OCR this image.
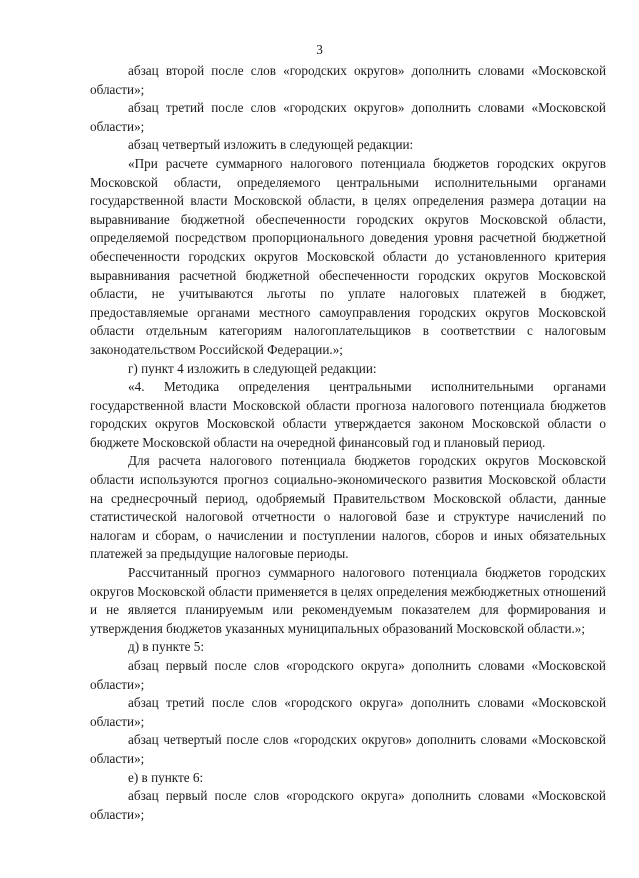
3

абзац второй после слов «городских округов» дополнить словами «Московской области»;

абзац третий после слов «городских округов» дополнить словами «Московской области»;

абзац четвертый изложить в следующей редакции:

«При расчете суммарного налогового потенциала бюджетов городских округов Московской области, определяемого центральными исполнительными органами государственной власти Московской области, в целях определения размера дотации на выравнивание бюджетной обеспеченности городских округов Московской области, определяемой посредством пропорционального доведения уровня расчетной бюджетной обеспеченности городских округов Московской области до установленного критерия выравнивания расчетной бюджетной обеспеченности городских округов Московской области, не учитываются льготы по уплате налоговых платежей в бюджет, предоставляемые органами местного самоуправления городских округов Московской области отдельным категориям налогоплательщиков в соответствии с налоговым законодательством Российской Федерации.»;

г) пункт 4 изложить в следующей редакции:

«4. Методика определения центральными исполнительными органами государственной власти Московской области прогноза налогового потенциала бюджетов городских округов Московской области утверждается законом Московской области о бюджете Московской области на очередной финансовый год и плановый период.

Для расчета налогового потенциала бюджетов городских округов Московской области используются прогноз социально-экономического развития Московской области на среднесрочный период, одобряемый Правительством Московской области, данные статистической налоговой отчетности о налоговой базе и структуре начислений по налогам и сборам, о начислении и поступлении налогов, сборов и иных обязательных платежей за предыдущие налоговые периоды.

Рассчитанный прогноз суммарного налогового потенциала бюджетов городских округов Московской области применяется в целях определения межбюджетных отношений и не является планируемым или рекомендуемым показателем для формирования и утверждения бюджетов указанных муниципальных образований Московской области.»;

д) в пункте 5:

абзац первый после слов «городского округа» дополнить словами «Московской области»;

абзац третий после слов «городского округа» дополнить словами «Московской области»;

абзац четвертый после слов «городских округов» дополнить словами «Московской области»;

е) в пункте 6:

абзац первый после слов «городского округа» дополнить словами «Московской области»;
